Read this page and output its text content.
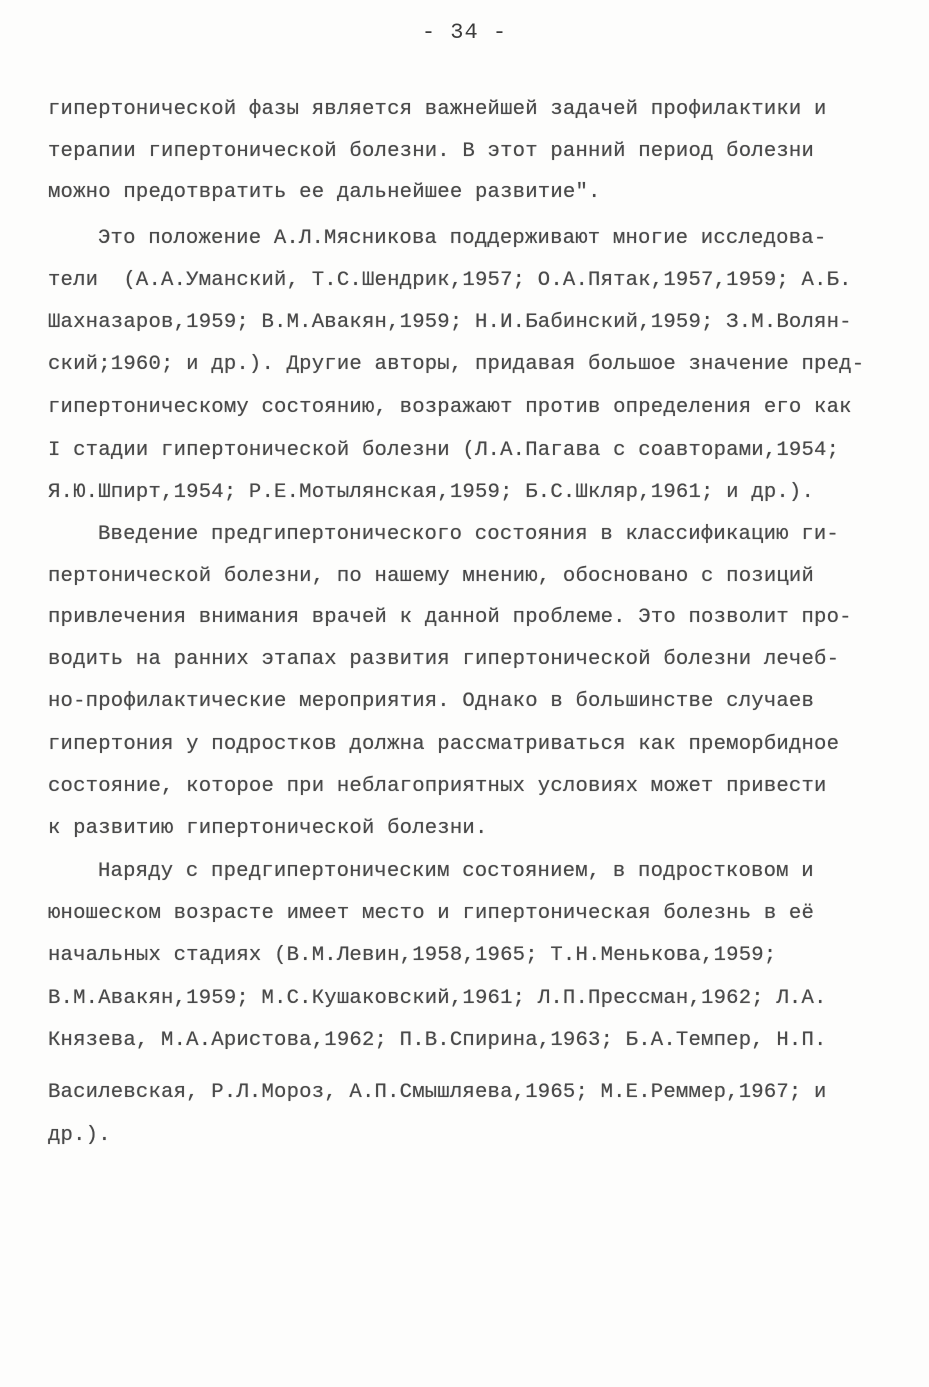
- 34 -
гипертонической фазы является важнейшей задачей профилактики и
терапии гипертонической болезни. В этот ранний период болезни
можно предотвратить ее дальнейшее развитие".
Это положение А.Л.Мясникова поддерживают многие исследова-
тели  (А.А.Уманский, Т.С.Шендрик,1957; О.А.Пятак,1957,1959; А.Б.
Шахназаров,1959; В.М.Авакян,1959; Н.И.Бабинский,1959; З.М.Волян-
ский;1960; и др.). Другие авторы, придавая большое значение пред-
гипертоническому состоянию, возражают против определения его как
I стадии гипертонической болезни (Л.А.Пагава с соавторами,1954;
Я.Ю.Шпирт,1954; Р.Е.Мотылянская,1959; Б.С.Шкляр,1961; и др.).
Введение предгипертонического состояния в классификацию ги-
пертонической болезни, по нашему мнению, обосновано с позиций
привлечения внимания врачей к данной проблеме. Это позволит про-
водить на ранних этапах развития гипертонической болезни лечеб-
но-профилактические мероприятия. Однако в большинстве случаев
гипертония у подростков должна рассматриваться как преморбидное
состояние, которое при неблагоприятных условиях может привести
к развитию гипертонической болезни.
Наряду с предгипертоническим состоянием, в подростковом и
юношеском возрасте имеет место и гипертоническая болезнь в её
начальных стадиях (В.М.Левин,1958,1965; Т.Н.Менькова,1959;
В.М.Авакян,1959; М.С.Кушаковский,1961; Л.П.Пpессман,1962; Л.А.
Князева, М.А.Аристова,1962; П.В.Спирина,1963; Б.А.Темпер, Н.П.
Василевская, Р.Л.Мороз, А.П.Смышляева,1965; М.Е.Реммер,1967; и
др.).
